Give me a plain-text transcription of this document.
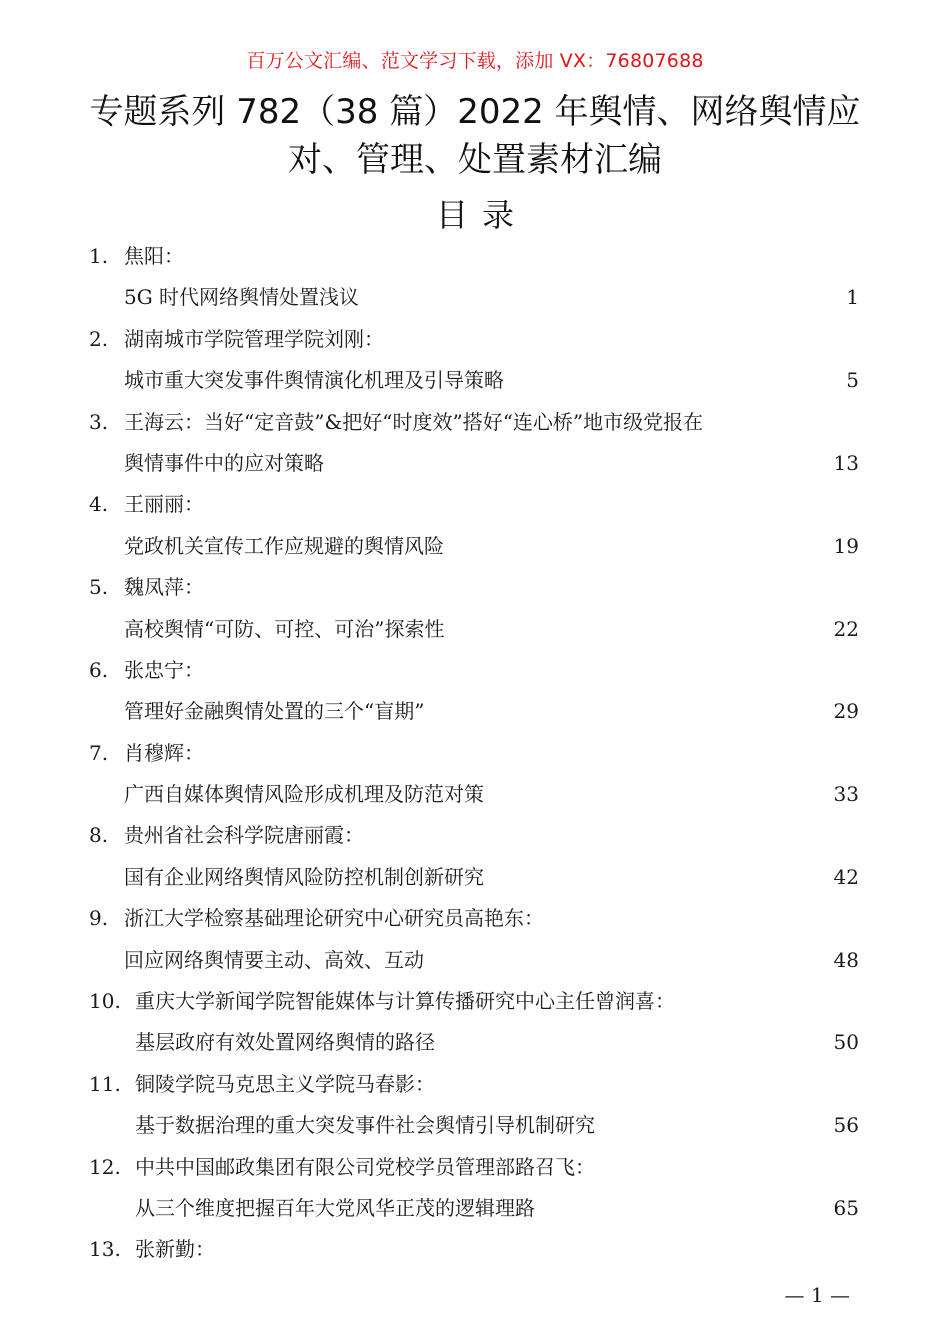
百万公文汇编、范文学习下载，添加 VX：76807688
专题系列 782（38 篇）2022 年舆情、网络舆情应
对、管理、处置素材汇编
目录
1. 焦阳：
5G 时代网络舆情处置浅议	1
2. 湖南城市学院管理学院刘刚：
城市重大突发事件舆情演化机理及引导策略	5
3. 王海云：当好“定音鼓”&把好“时度效”搭好“连心桥”地市级党报在
舆情事件中的应对策略	13
4. 王丽丽：
党政机关宣传工作应规避的舆情风险	19
5. 魏凤萍：
高校舆情“可防、可控、可治”探索性	22
6. 张忠宁：
管理好金融舆情处置的三个“盲期”	29
7. 肖穆辉：
广西自媒体舆情风险形成机理及防范对策	33
8. 贵州省社会科学院唐丽霞：
国有企业网络舆情风险防控机制创新研究	42
9. 浙江大学检察基础理论研究中心研究员高艳东：
回应网络舆情要主动、高效、互动	48
10. 重庆大学新闻学院智能媒体与计算传播研究中心主任曾润喜：
基层政府有效处置网络舆情的路径	50
11. 铜陵学院马克思主义学院马春影：
基于数据治理的重大突发事件社会舆情引导机制研究	56
12. 中共中国邮政集团有限公司党校学员管理部路召飞：
从三个维度把握百年大党风华正茂的逻辑理路	65
13. 张新勤：
— 1 —
